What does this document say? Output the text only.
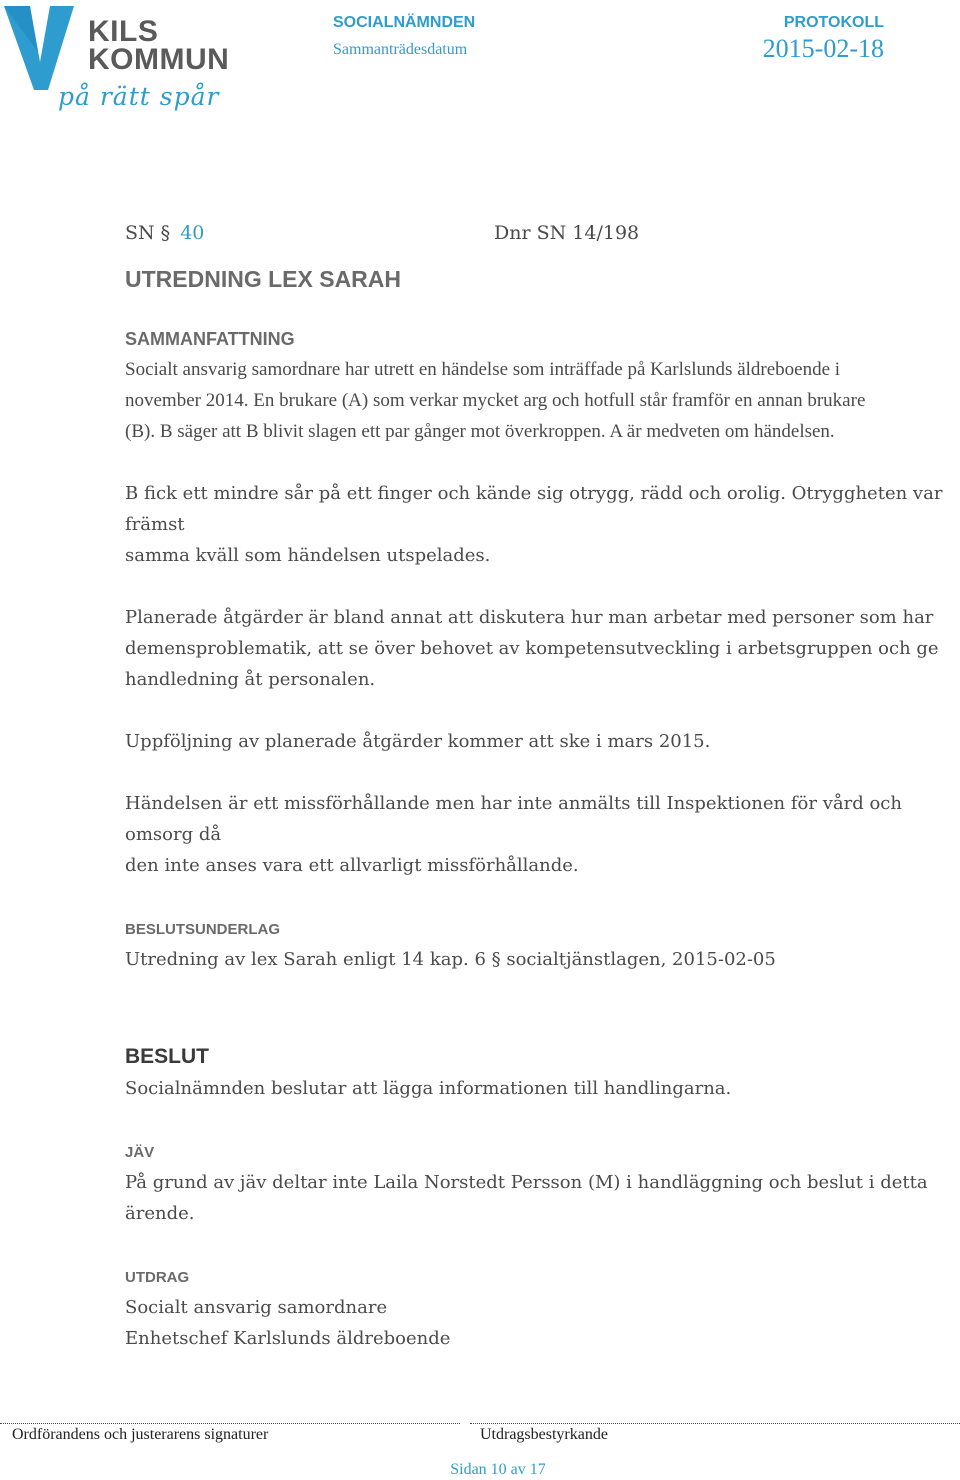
KILS
KOMMUN
på rätt spår
SOCIALNÄMNDEN
Sammanträdesdatum
PROTOKOLL
2015-02-18
SN § 40	Dnr SN 14/198
UTREDNING LEX SARAH
SAMMANFATTNING

Socialt ansvarig samordnare har utrett en händelse som inträffade på Karlslunds äldreboende i

november 2014. En brukare (A) som verkar mycket arg och hotfull står framför en annan brukare

(B). B säger att B blivit slagen ett par gånger mot överkroppen. A är medveten om händelsen.

B fick ett mindre sår på ett finger och kände sig otrygg, rädd och orolig. Otryggheten var främst

samma kväll som händelsen utspelades.

Planerade åtgärder är bland annat att diskutera hur man arbetar med personer som har

demensproblematik, att se över behovet av kompetensutveckling i arbetsgruppen och ge

handledning åt personalen.

Uppföljning av planerade åtgärder kommer att ske i mars 2015.

Händelsen är ett missförhållande men har inte anmälts till Inspektionen för vård och omsorg då

den inte anses vara ett allvarligt missförhållande.

BESLUTSUNDERLAG

Utredning av lex Sarah enligt 14 kap. 6 § socialtjänstlagen, 2015-02-05

BESLUT

Socialnämnden beslutar att lägga informationen till handlingarna.

JÄV

På grund av jäv deltar inte Laila Norstedt Persson (M) i handläggning och beslut i detta ärende.

UTDRAG

Socialt ansvarig samordnare

Enhetschef Karlslunds äldreboende

Ordförandens och justerarens signaturer	Utdragsbestyrkande
Sidan 10 av 17
